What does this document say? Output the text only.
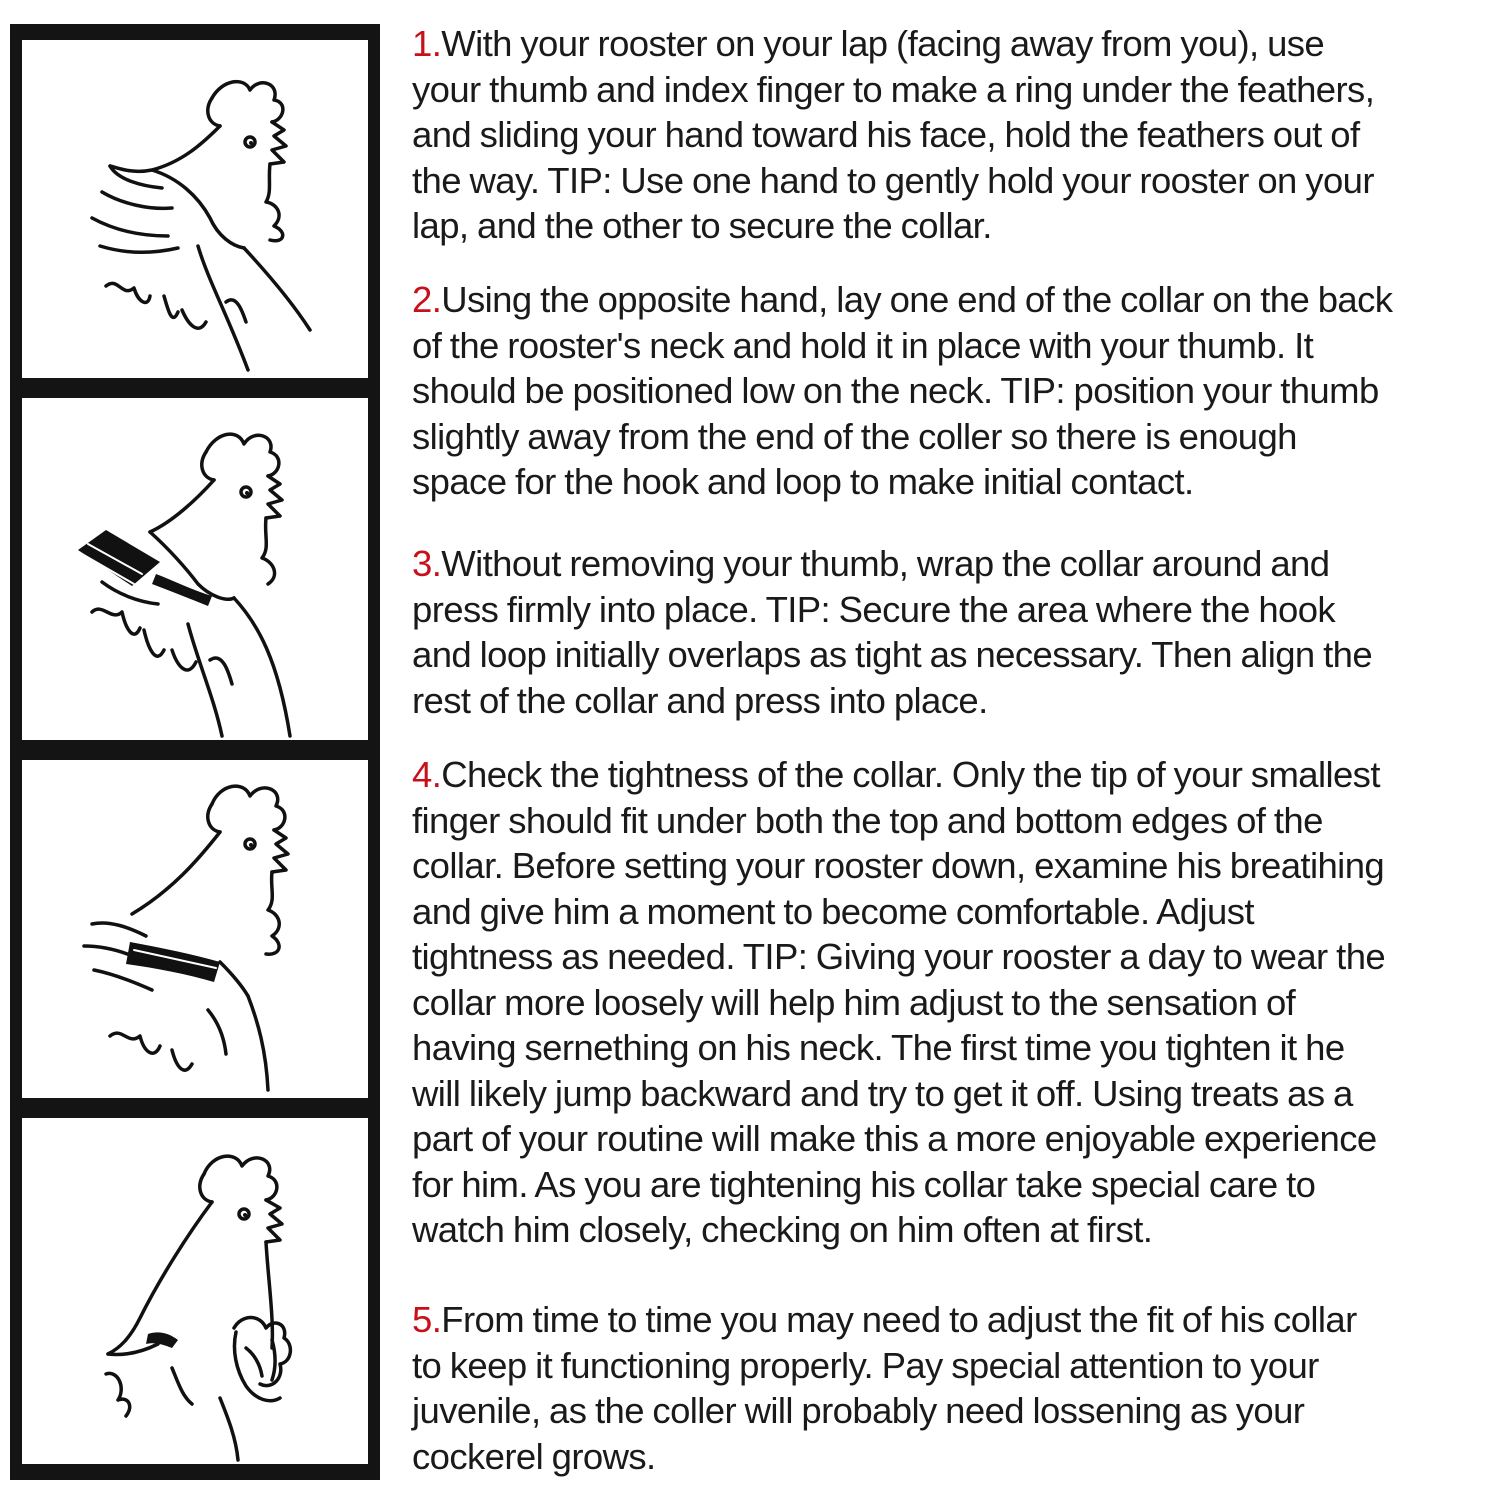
1.With your rooster on your lap (facing away from you), use
your thumb and index finger to make a ring under the feathers,
and sliding your hand toward his face, hold the feathers out of
the way. TIP: Use one hand to gently hold your rooster on your
lap, and the other to secure the collar.
2.Using the opposite hand, lay one end of the collar on the back
of the rooster's neck and hold it in place with your thumb. It
should be positioned low on the neck. TIP: position your thumb
slightly away from the end of the coller so there is enough
space for the hook and loop to make initial contact.
3.Without removing your thumb, wrap the collar around and
press firmly into place. TIP: Secure the area where the hook
and loop initially overlaps as tight as necessary. Then align the
rest of the collar and press into place.
4.Check the tightness of the collar. Only the tip of your smallest
finger should fit under both the top and bottom edges of the
collar. Before setting your rooster down, examine his breatihing
and give him a moment to become comfortable. Adjust
tightness as needed. TIP: Giving your rooster a day to wear the
collar more loosely will help him adjust to the sensation of
having sernething on his neck. The first time you tighten it he
will likely jump backward and try to get it off. Using treats as a
part of your routine will make this a more enjoyable experience
for him. As you are tightening his collar take special care to
watch him closely, checking on him often at first.
5.From time to time you may need to adjust the fit of his collar
to keep it functioning properly. Pay special attention to your
juvenile, as the coller will probably need lossening as your
cockerel grows.
